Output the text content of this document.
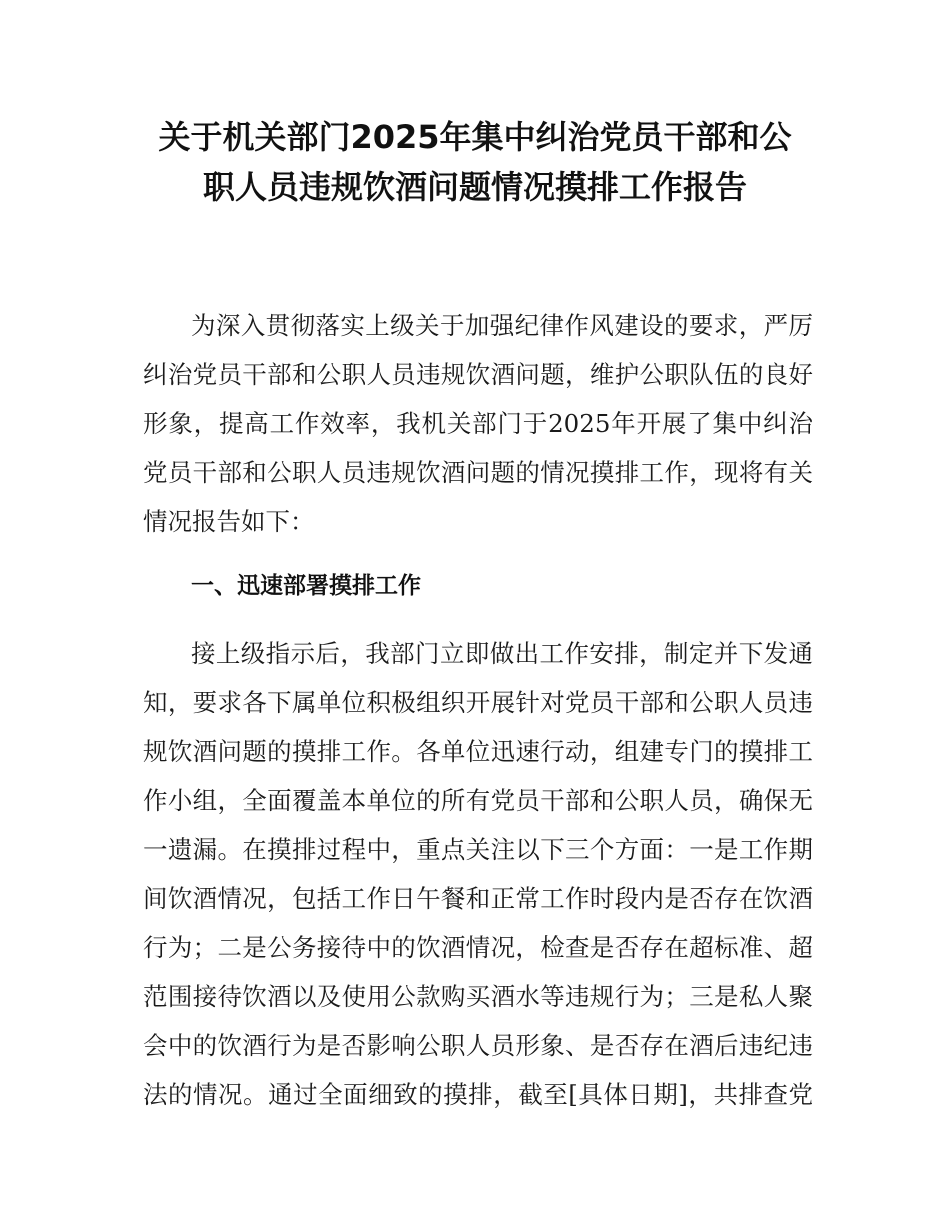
关于机关部门2025年集中纠治党员干部和公
职人员违规饮酒问题情况摸排工作报告
为深入贯彻落实上级关于加强纪律作风建设的要求，严厉
纠治党员干部和公职人员违规饮酒问题，维护公职队伍的良好
形象，提高工作效率，我机关部门于2025年开展了集中纠治
党员干部和公职人员违规饮酒问题的情况摸排工作，现将有关
情况报告如下：
一、迅速部署摸排工作
接上级指示后，我部门立即做出工作安排，制定并下发通
知，要求各下属单位积极组织开展针对党员干部和公职人员违
规饮酒问题的摸排工作。各单位迅速行动，组建专门的摸排工
作小组，全面覆盖本单位的所有党员干部和公职人员，确保无
一遗漏。在摸排过程中，重点关注以下三个方面：一是工作期
间饮酒情况，包括工作日午餐和正常工作时段内是否存在饮酒
行为；二是公务接待中的饮酒情况，检查是否存在超标准、超
范围接待饮酒以及使用公款购买酒水等违规行为；三是私人聚
会中的饮酒行为是否影响公职人员形象、是否存在酒后违纪违
法的情况。通过全面细致的摸排，截至[具体日期]，共排查党
